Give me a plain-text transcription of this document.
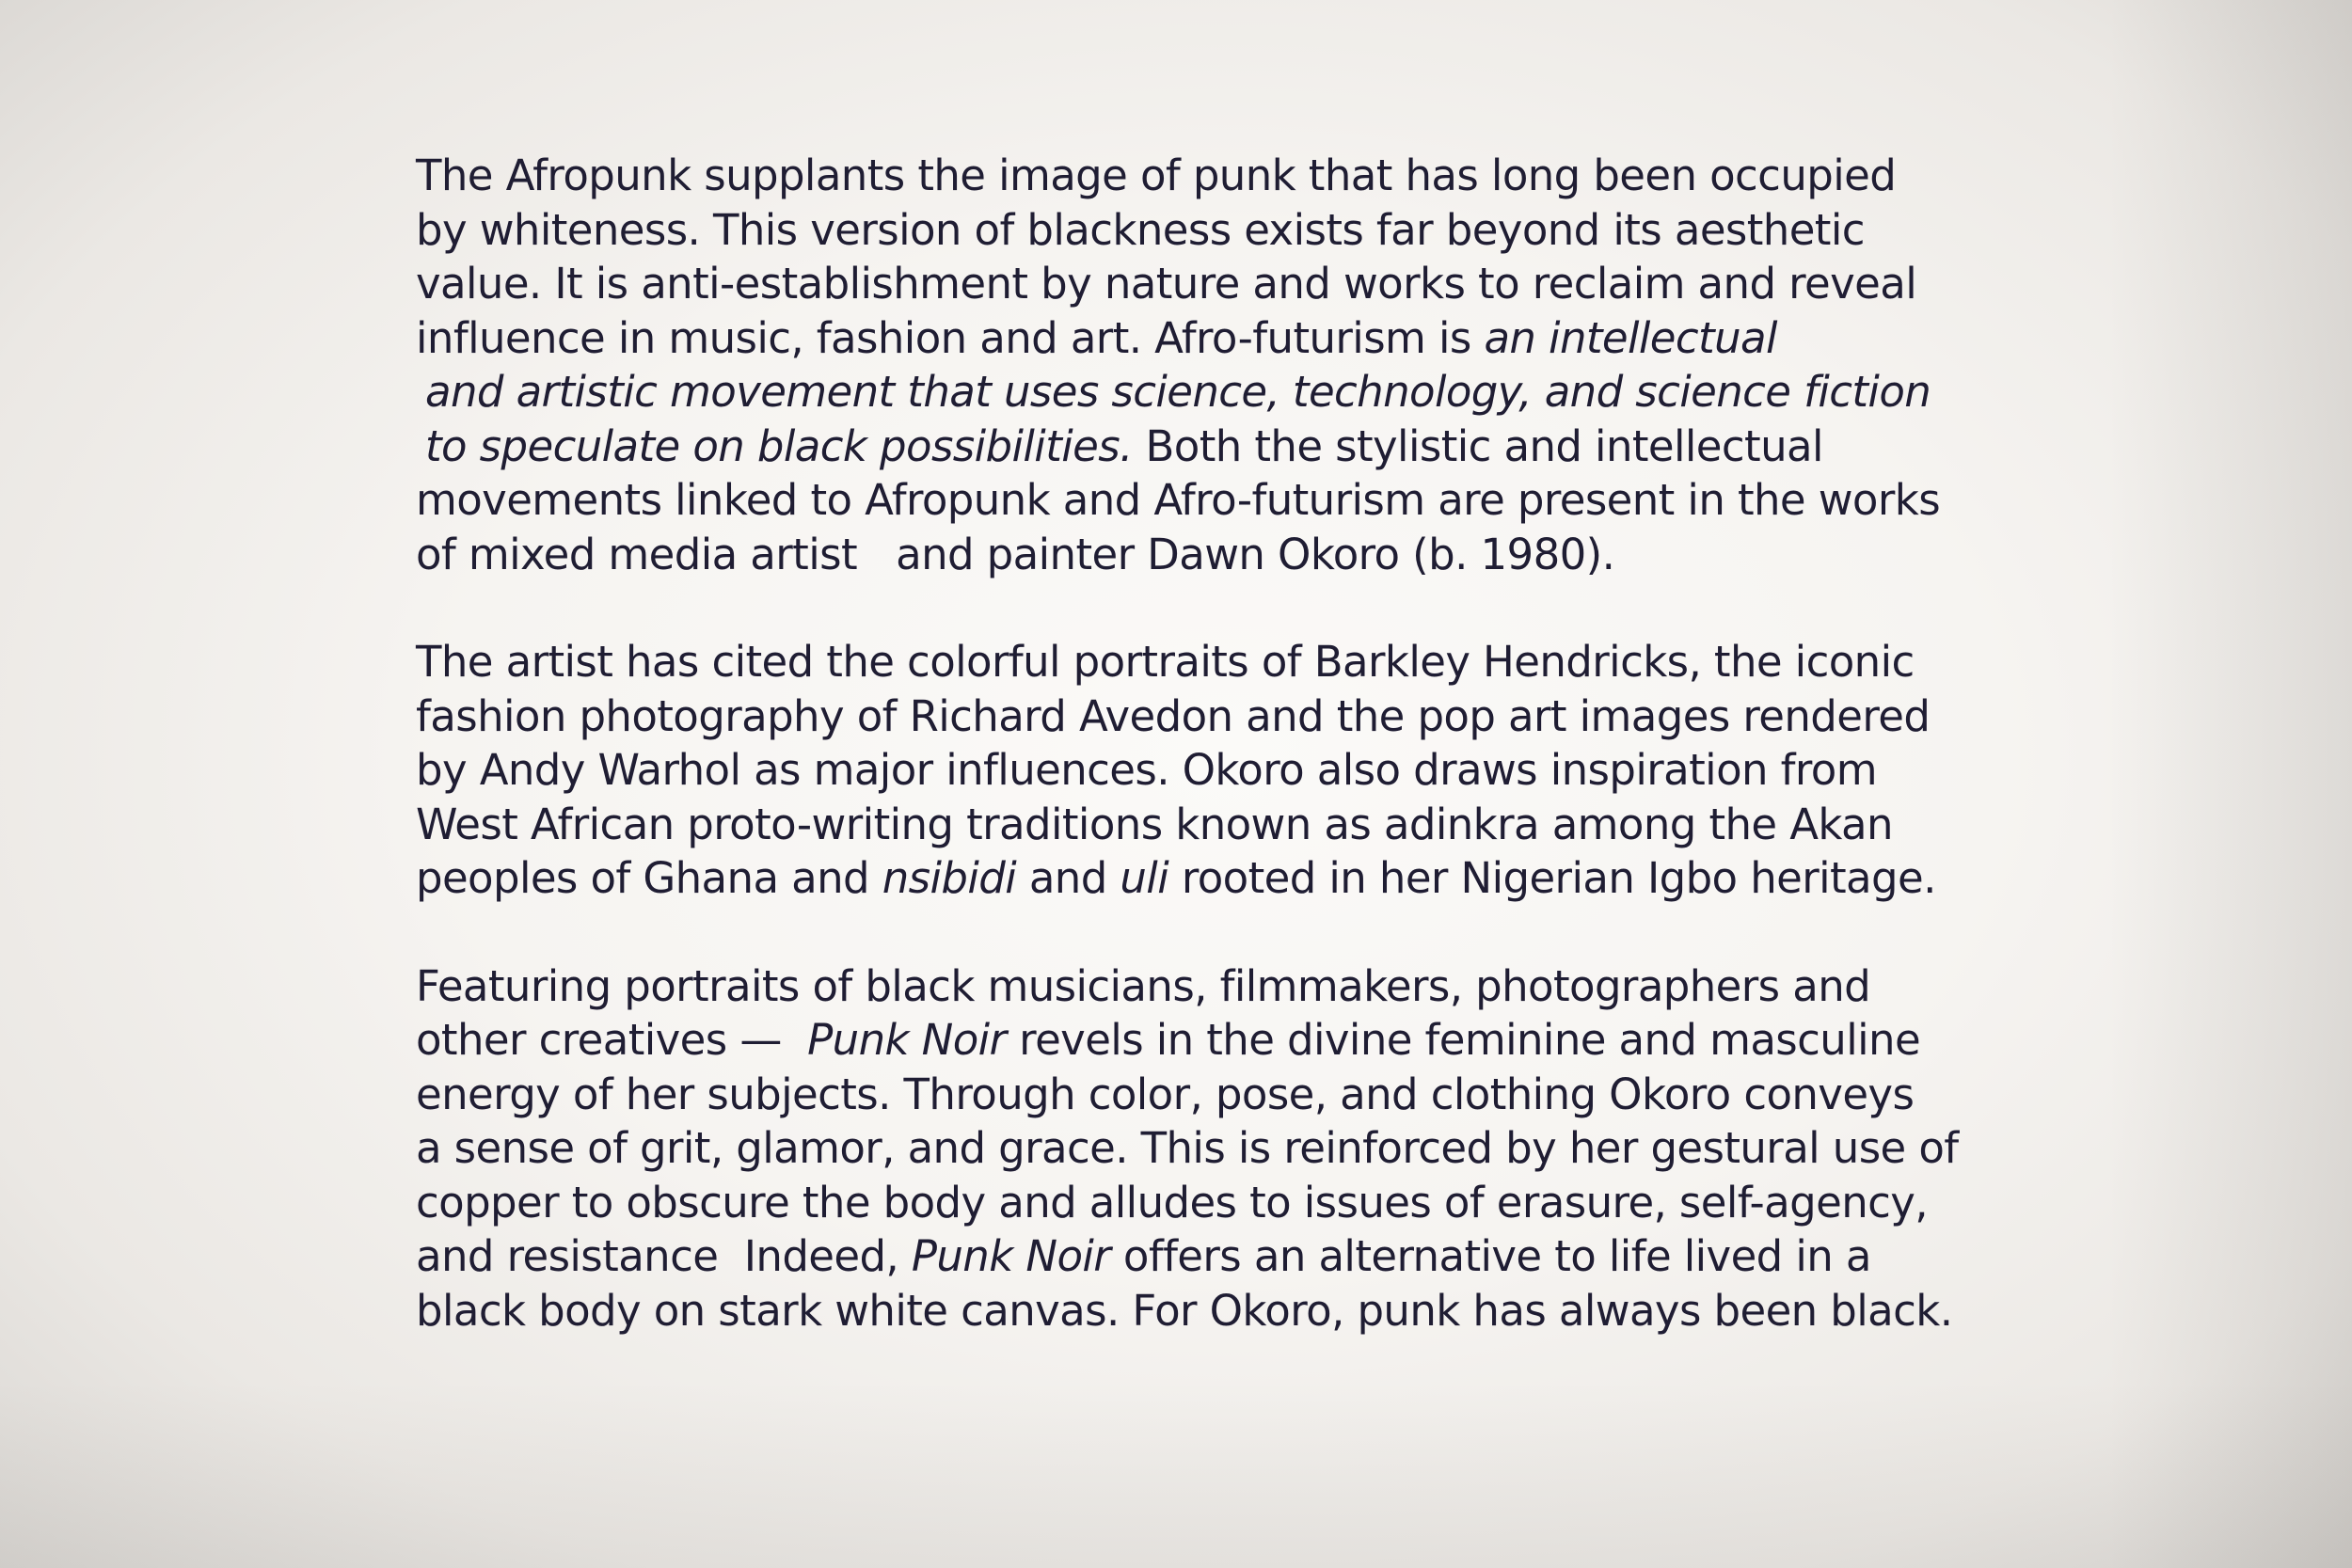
The Afropunk supplants the image of punk that has long been occupied
by whiteness. This version of blackness exists far beyond its aesthetic
value. It is anti-establishment by nature and works to reclaim and reveal
influence in music, fashion and art. Afro-futurism is an intellectual
and artistic movement that uses science, technology, and science fiction
to speculate on black possibilities. Both the stylistic and intellectual
movements linked to Afropunk and Afro-futurism are present in the works
of mixed media artist   and painter Dawn Okoro (b. 1980).
The artist has cited the colorful portraits of Barkley Hendricks, the iconic
fashion photography of Richard Avedon and the pop art images rendered
by Andy Warhol as major influences. Okoro also draws inspiration from
West African proto-writing traditions known as adinkra among the Akan
peoples of Ghana and nsibidi and uli rooted in her Nigerian Igbo heritage.
Featuring portraits of black musicians, filmmakers, photographers and
other creatives —  Punk Noir revels in the divine feminine and masculine
energy of her subjects. Through color, pose, and clothing Okoro conveys
a sense of grit, glamor, and grace. This is reinforced by her gestural use of
copper to obscure the body and alludes to issues of erasure, self-agency,
and resistance  Indeed, Punk Noir offers an alternative to life lived in a
black body on stark white canvas. For Okoro, punk has always been black.
